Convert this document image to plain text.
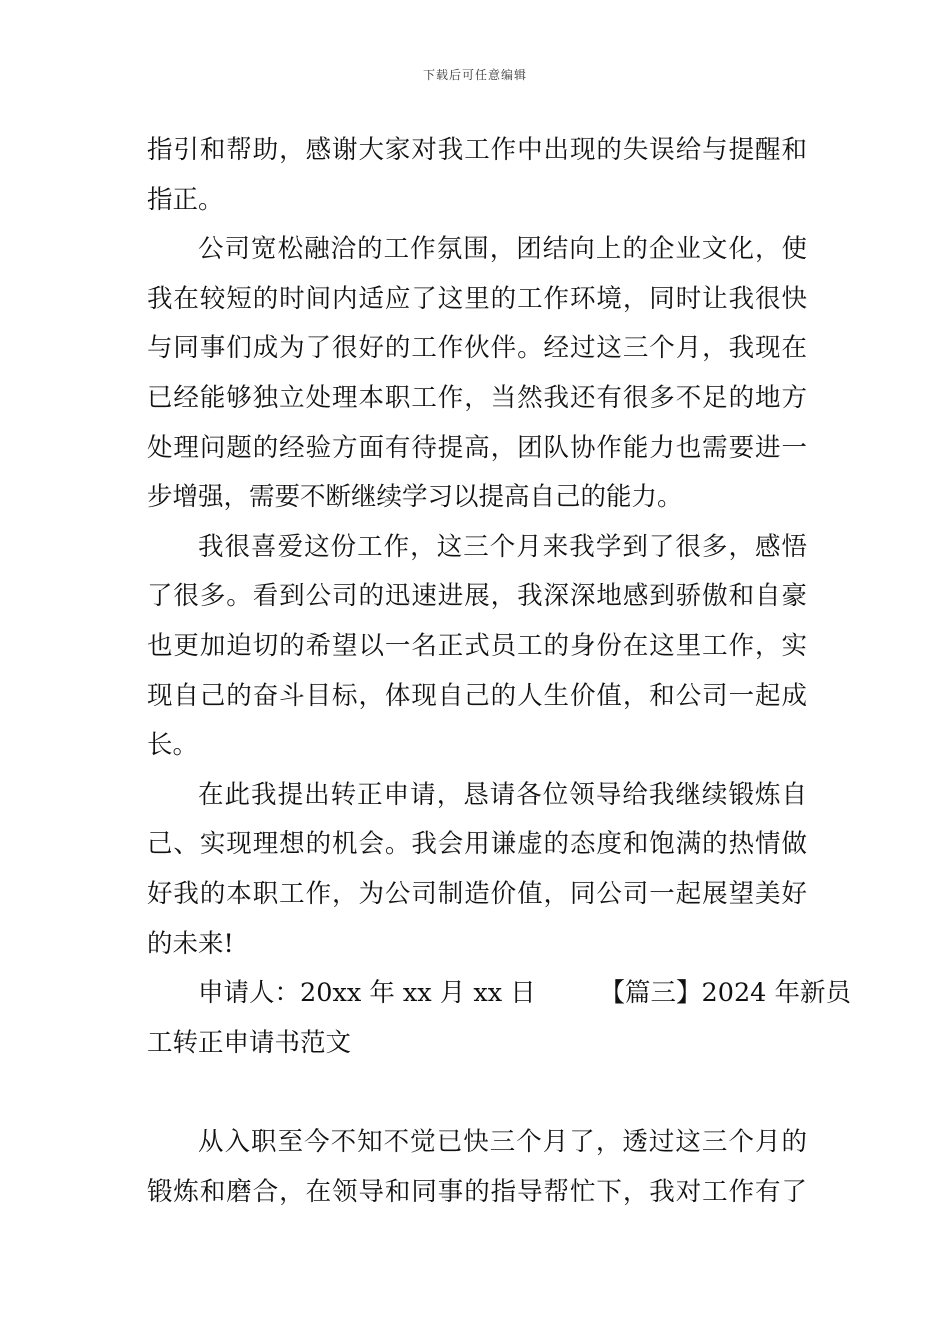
下载后可任意编辑
指引和帮助，感谢大家对我工作中出现的失误给与提醒和
指正。
公司宽松融洽的工作氛围，团结向上的企业文化，使
我在较短的时间内适应了这里的工作环境，同时让我很快
与同事们成为了很好的工作伙伴。经过这三个月，我现在
已经能够独立处理本职工作，当然我还有很多不足的地方
处理问题的经验方面有待提高，团队协作能力也需要进一
步增强，需要不断继续学习以提高自己的能力。
我很喜爱这份工作，这三个月来我学到了很多，感悟
了很多。看到公司的迅速进展，我深深地感到骄傲和自豪
也更加迫切的希望以一名正式员工的身份在这里工作，实
现自己的奋斗目标，体现自己的人生价值，和公司一起成
长。
在此我提出转正申请，恳请各位领导给我继续锻炼自
己、实现理想的机会。我会用谦虚的态度和饱满的热情做
好我的本职工作，为公司制造价值，同公司一起展望美好
的未来!
申请人：20xx 年 xx 月 xx 日　　　【篇三】2024 年新员
工转正申请书范文
从入职至今不知不觉已快三个月了，透过这三个月的
锻炼和磨合，在领导和同事的指导帮忙下，我对工作有了
